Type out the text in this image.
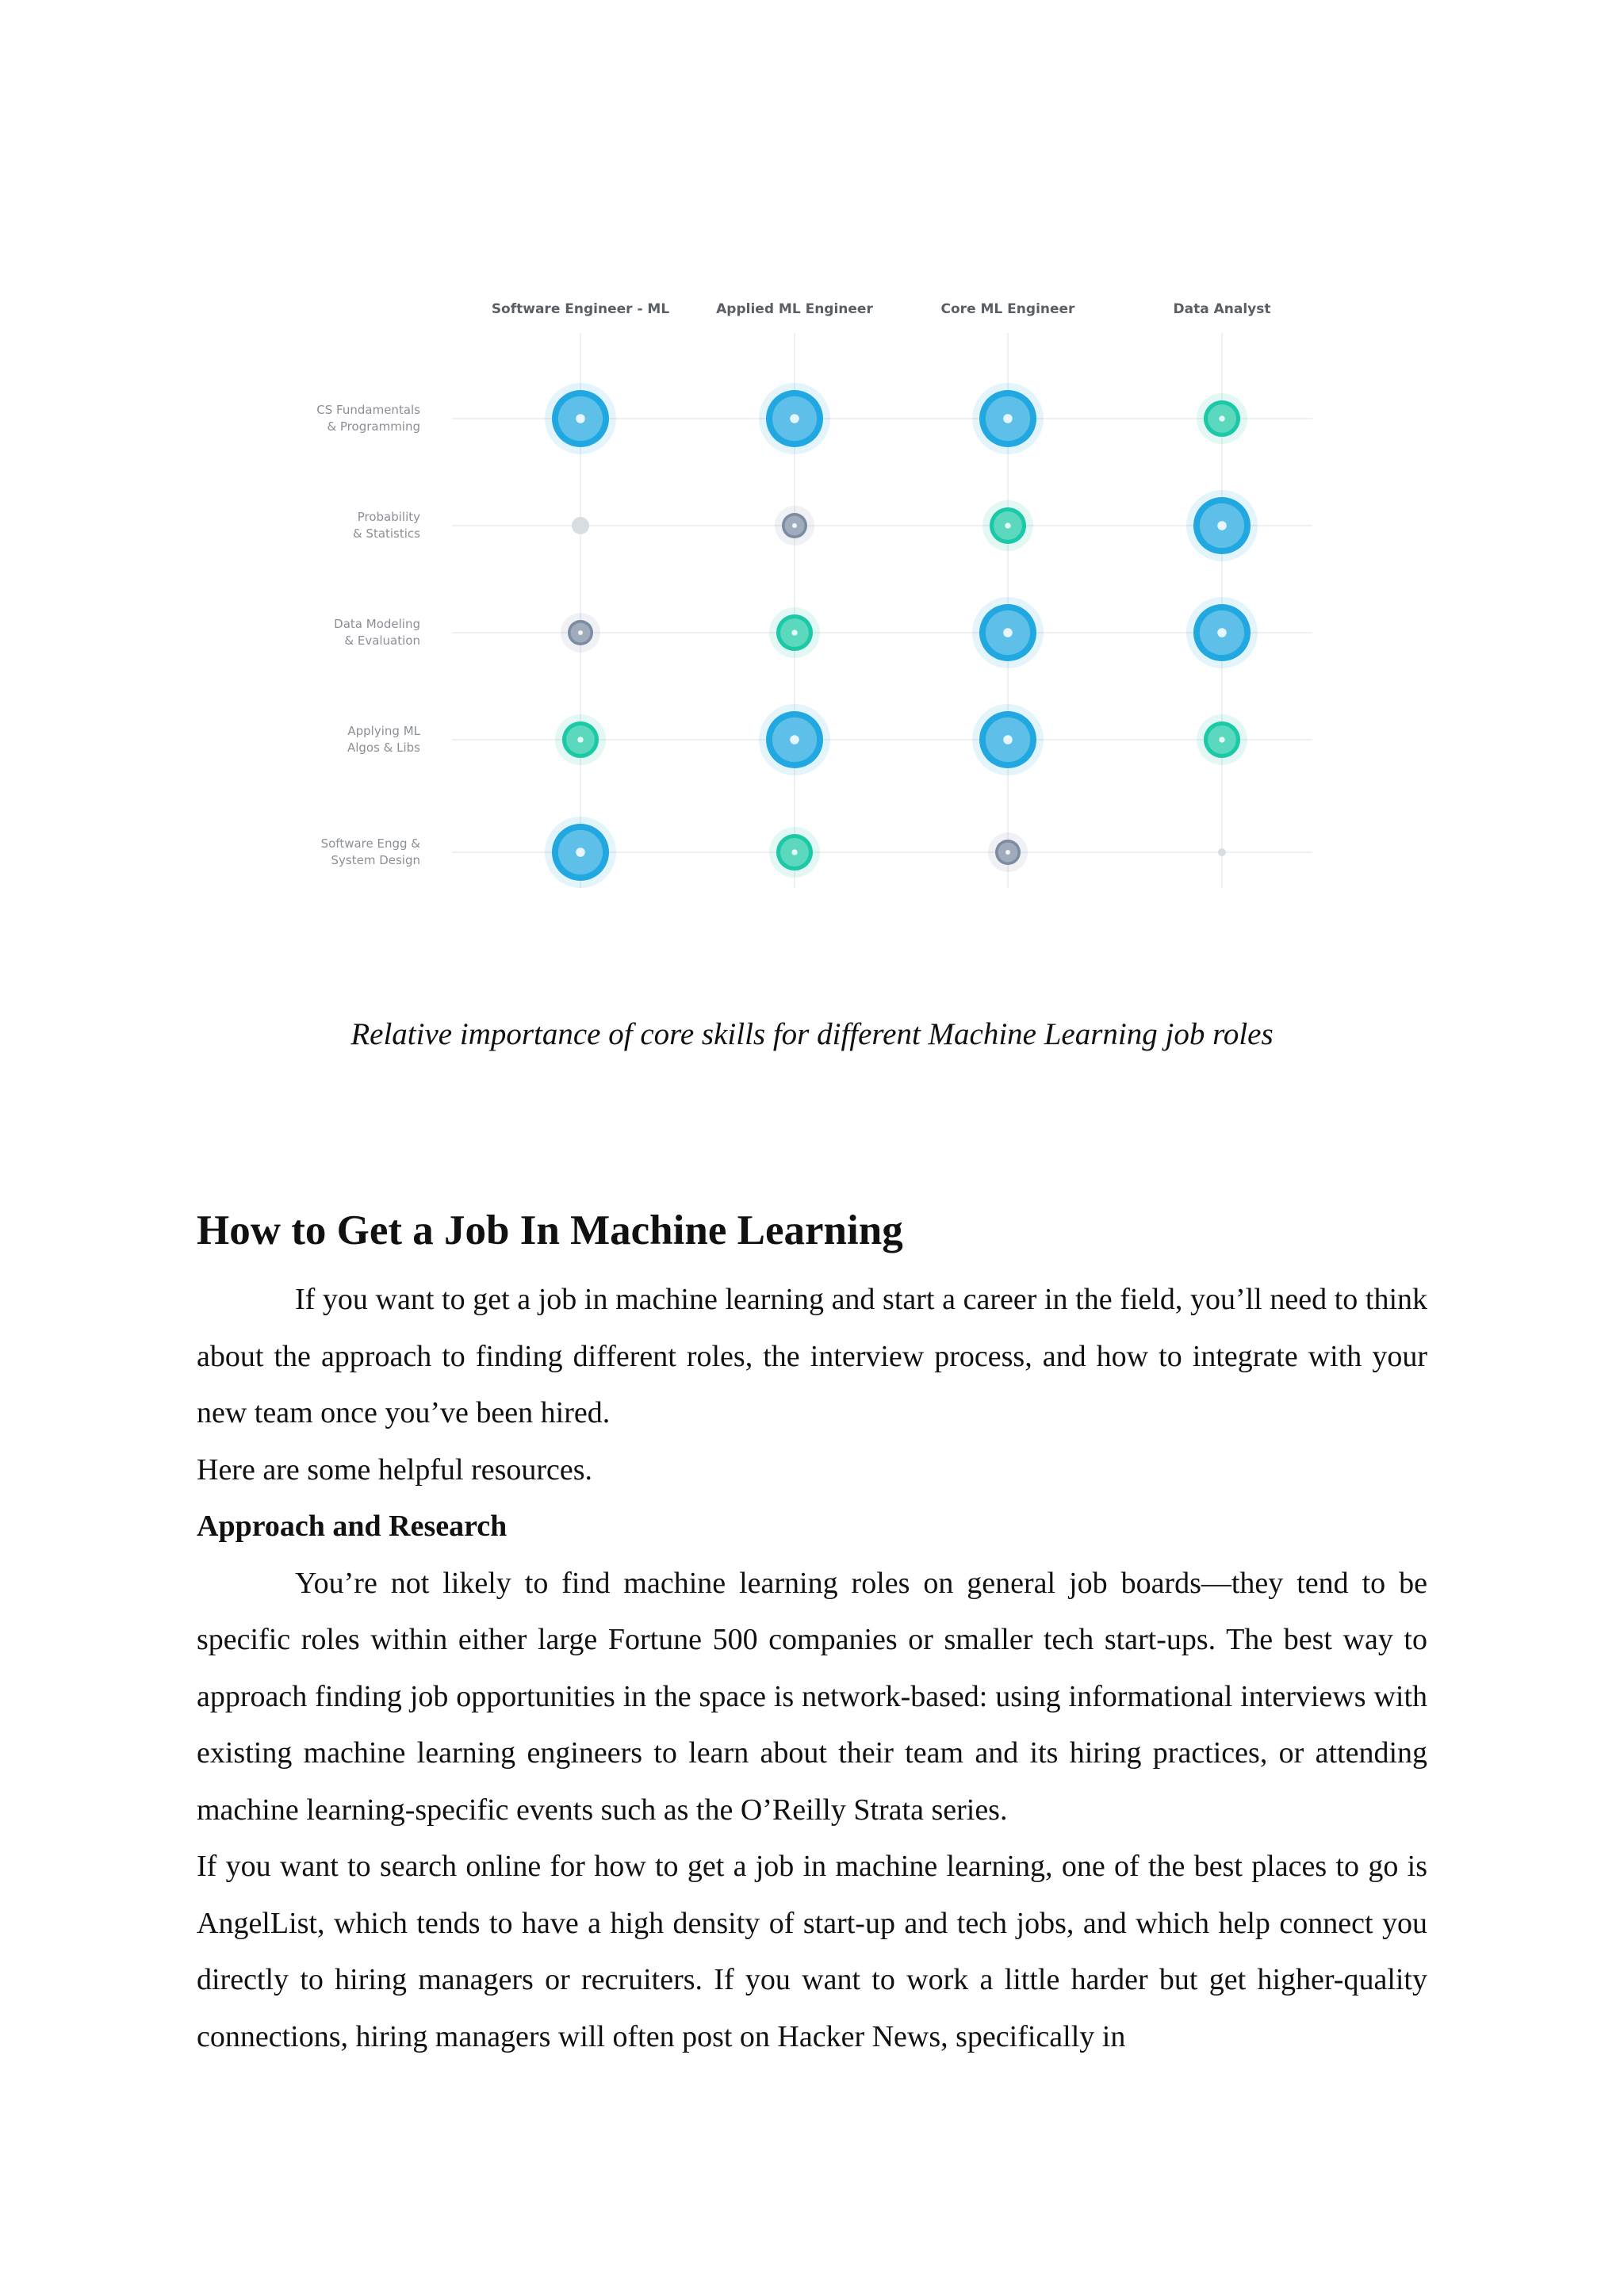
Software Engineer - ML	Applied ML Engineer	Core ML Engineer	Data Analyst
CS Fundamentals
& Programming
Probability
& Statistics
Data Modeling
& Evaluation
Applying ML
Algos & Libs
Software Engg &
System Design
Relative importance of core skills for different Machine Learning job roles
How to Get a Job In Machine Learning

If you want to get a job in machine learning and start a career in the field, you’ll need to think about the approach to finding different roles, the interview process, and how to integrate with your new team once you’ve been hired.

Here are some helpful resources.

Approach and Research

You’re not likely to find machine learning roles on general job boards—they tend to be specific roles within either large Fortune 500 companies or smaller tech start-ups. The best way to approach finding job opportunities in the space is network-based: using informational interviews with existing machine learning engineers to learn about their team and its hiring practices, or attending machine learning-specific events such as the O’Reilly Strata series.

If you want to search online for how to get a job in machine learning, one of the best places to go is AngelList, which tends to have a high density of start-up and tech jobs, and which help connect you directly to hiring managers or recruiters. If you want to work a little harder but get higher-quality connections, hiring managers will often post on Hacker News, specifically in
